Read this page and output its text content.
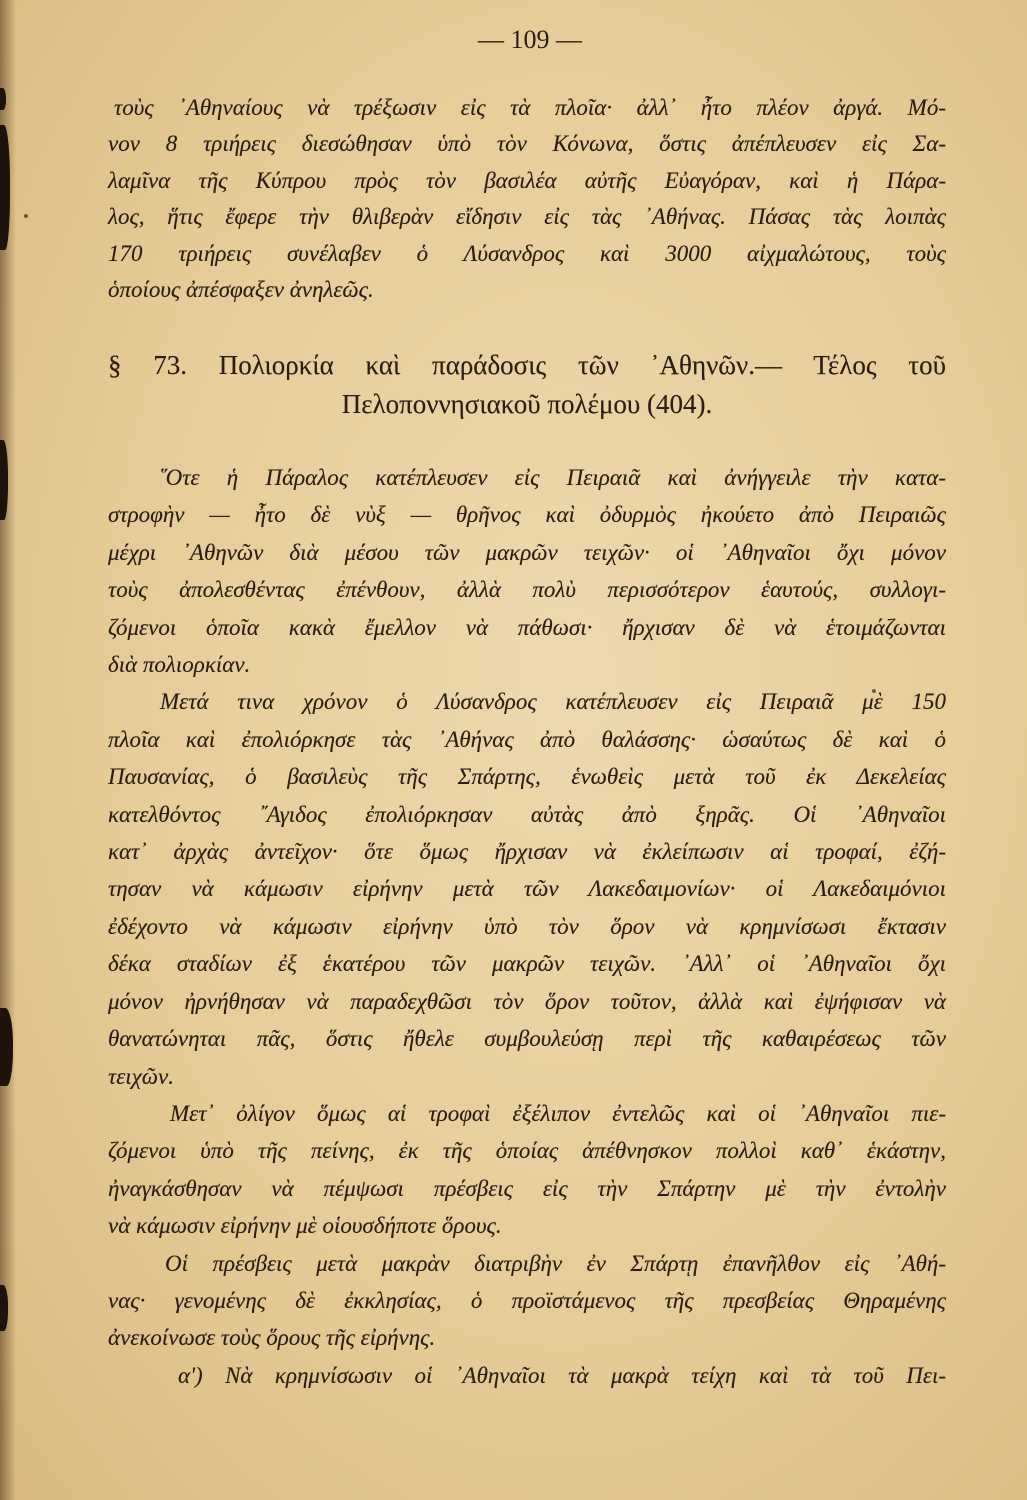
— 109 —
τοὺς ᾿Αθηναίους νὰ τρέξωσιν εἰς τὰ πλοῖα· ἀλλ᾿ ἦτο πλέον ἀργά. Μό-
νον 8 τριήρεις διεσώθησαν ὑπὸ τὸν Κόνωνα, ὅστις ἀπέπλευσεν εἰς Σα-
λαμῖνα τῆς Κύπρου πρὸς τὸν βασιλέα αὐτῆς Εὐαγόραν, καὶ ἡ Πάρα-
λος, ἥτις ἔφερε τὴν θλιβερὰν εἴδησιν εἰς τὰς ᾿Αθήνας. Πάσας τὰς λοιπὰς
170 τριήρεις συνέλαβεν ὁ Λύσανδρος καὶ 3000 αἰχμαλώτους, τοὺς
ὁποίους ἀπέσφαξεν ἀνηλεῶς.
§ 73. Πολιορκία καὶ παράδοσις τῶν ᾿Αθηνῶν.— Τέλος τοῦ
Πελοποννησιακοῦ πολέμου (404).
῞Οτε ἡ Πάραλος κατέπλευσεν εἰς Πειραιᾶ καὶ ἀνήγγειλε τὴν κατα-
στροφὴν — ἦτο δὲ νὺξ — θρῆνος καὶ ὀδυρμὸς ἠκούετο ἀπὸ Πειραιῶς
μέχρι ᾿Αθηνῶν διὰ μέσου τῶν μακρῶν τειχῶν· οἱ ᾿Αθηναῖοι ὄχι μόνον
τοὺς ἀπολεσθέντας ἐπένθουν, ἀλλὰ πολὺ περισσότερον ἑαυτούς, συλλογι-
ζόμενοι ὁποῖα κακὰ ἔμελλον νὰ πάθωσι· ἤρχισαν δὲ νὰ ἑτοιμάζωνται
διὰ πολιορκίαν.
Μετά τινα χρόνον ὁ Λύσανδρος κατέπλευσεν εἰς Πειραιᾶ μὲ 150
πλοῖα καὶ ἐπολιόρκησε τὰς ᾿Αθήνας ἀπὸ θαλάσσης· ὡσαύτως δὲ καὶ ὁ
Παυσανίας, ὁ βασιλεὺς τῆς Σπάρτης, ἑνωθεὶς μετὰ τοῦ ἐκ Δεκελείας
κατελθόντος ῎Αγιδος ἐπολιόρκησαν αὐτὰς ἀπὸ ξηρᾶς. Οἱ ᾿Αθηναῖοι
κατ᾿ ἀρχὰς ἀντεῖχον· ὅτε ὅμως ἤρχισαν νὰ ἐκλείπωσιν αἱ τροφαί, ἐζή-
τησαν νὰ κάμωσιν εἰρήνην μετὰ τῶν Λακεδαιμονίων· οἱ Λακεδαιμόνιοι
ἐδέχοντο νὰ κάμωσιν εἰρήνην ὑπὸ τὸν ὅρον νὰ κρημνίσωσι ἔκτασιν
δέκα σταδίων ἐξ ἑκατέρου τῶν μακρῶν τειχῶν. ᾿Αλλ᾿ οἱ ᾿Αθηναῖοι ὄχι
μόνον ἠρνήθησαν νὰ παραδεχθῶσι τὸν ὅρον τοῦτον, ἀλλὰ καὶ ἐψήφισαν νὰ
θανατώνηται πᾶς, ὅστις ἤθελε συμβουλεύσῃ περὶ τῆς καθαιρέσεως τῶν
τειχῶν.
Μετ᾿ ὀλίγον ὅμως αἱ τροφαὶ ἐξέλιπον ἐντελῶς καὶ οἱ ᾿Αθηναῖοι πιε-
ζόμενοι ὑπὸ τῆς πείνης, ἐκ τῆς ὁποίας ἀπέθνησκον πολλοὶ καθ᾿ ἑκάστην,
ἠναγκάσθησαν νὰ πέμψωσι πρέσβεις εἰς τὴν Σπάρτην μὲ τὴν ἐντολὴν
νὰ κάμωσιν εἰρήνην μὲ οἱουσδήποτε ὅρους.
Οἱ πρέσβεις μετὰ μακρὰν διατριβὴν ἐν Σπάρτῃ ἐπανῆλθον εἰς ᾿Αθή-
νας· γενομένης δὲ ἐκκλησίας, ὁ προϊστάμενος τῆς πρεσβείας Θηραμένης
ἀνεκοίνωσε τοὺς ὅρους τῆς εἰρήνης.
α') Νὰ κρημνίσωσιν οἱ ᾿Αθηναῖοι τὰ μακρὰ τείχη καὶ τὰ τοῦ Πει-
